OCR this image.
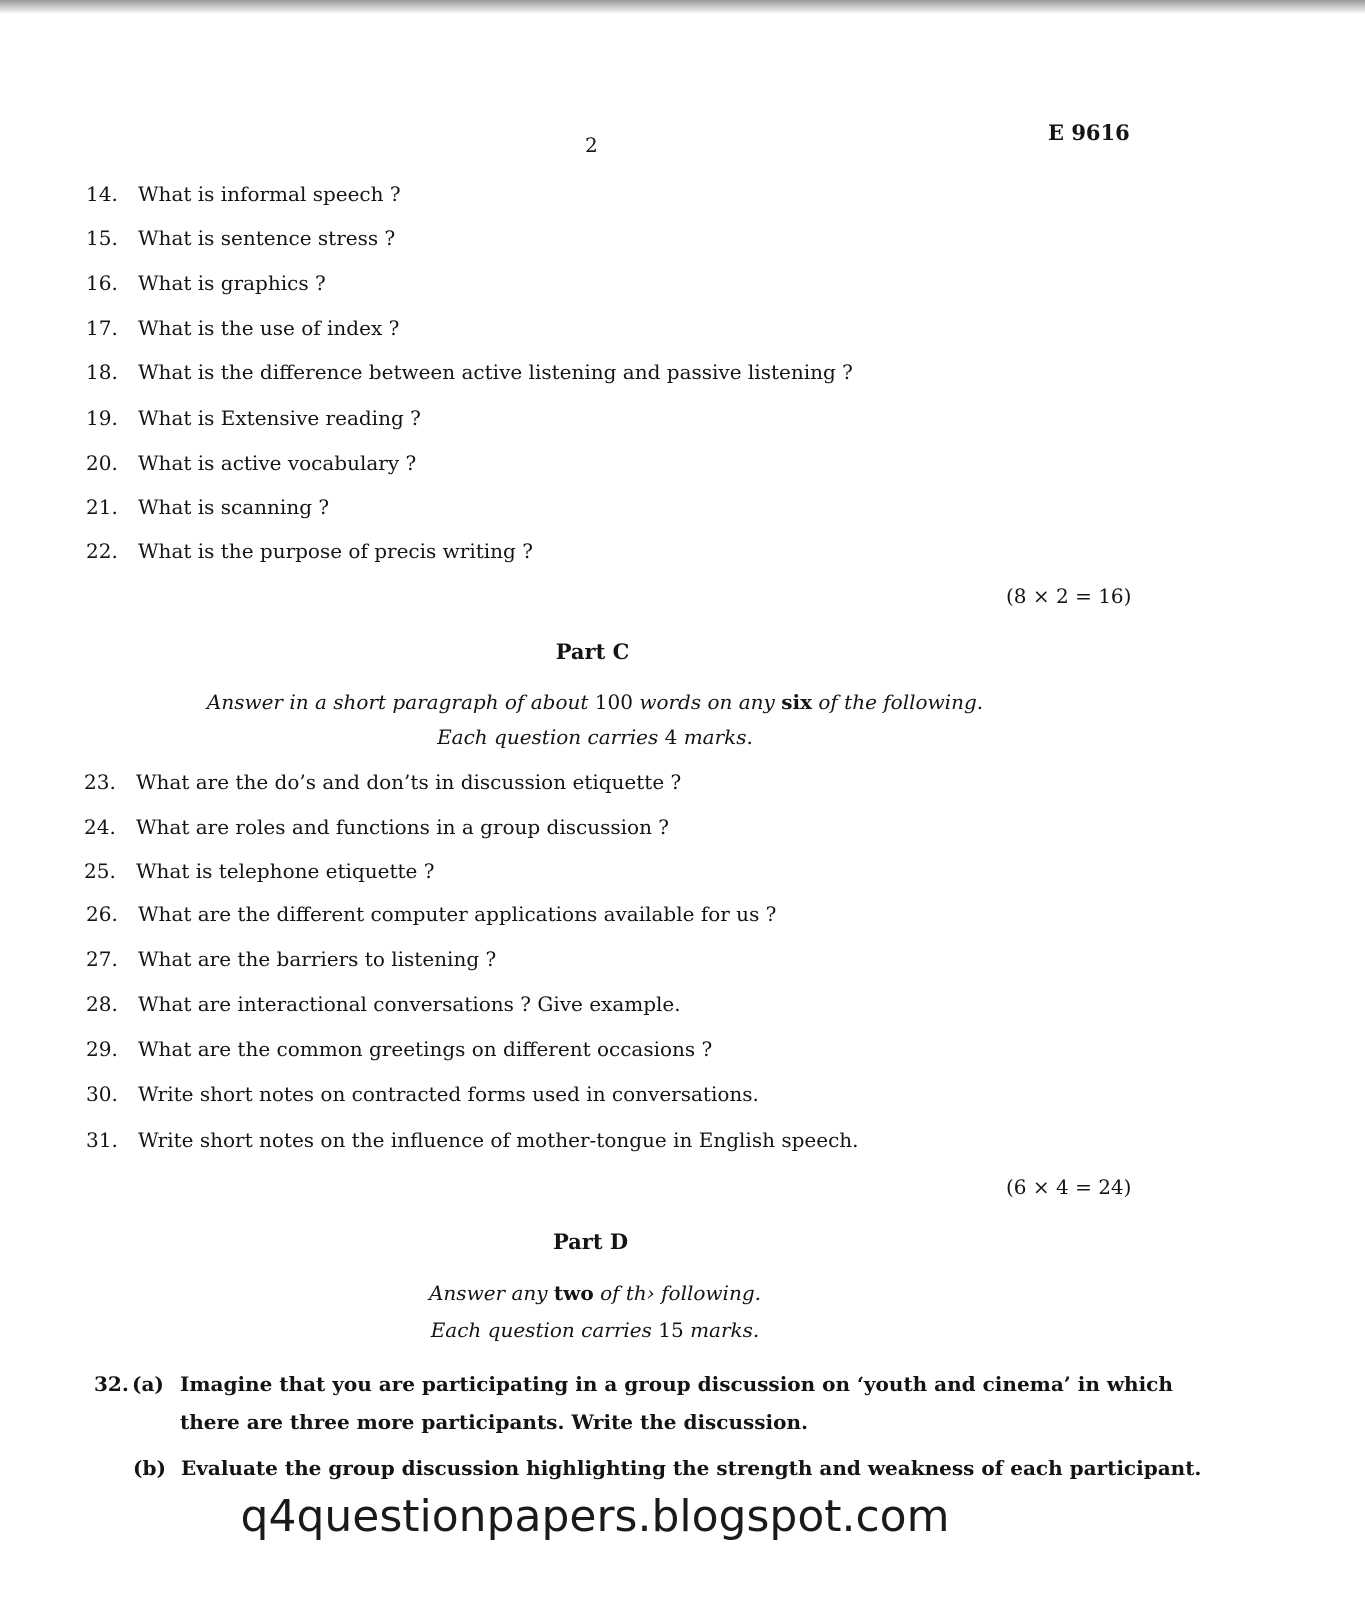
2	E 9616
14. What is informal speech ?
15. What is sentence stress ?
16. What is graphics ?
17. What is the use of index ?
18. What is the difference between active listening and passive listening ?
19. What is Extensive reading ?
20. What is active vocabulary ?
21. What is scanning ?
22. What is the purpose of precis writing ?
(8 × 2 = 16)
Part C
Answer in a short paragraph of about 100 words on any six of the following.
Each question carries 4 marks.
23. What are the do’s and don’ts in discussion etiquette ?
24. What are roles and functions in a group discussion ?
25. What is telephone etiquette ?
26. What are the different computer applications available for us ?
27. What are the barriers to listening ?
28. What are interactional conversations ? Give example.
29. What are the common greetings on different occasions ?
30. Write short notes on contracted forms used in conversations.
31. Write short notes on the influence of mother-tongue in English speech.
(6 × 4 = 24)
Part D
Answer any two of th› following.
Each question carries 15 marks.
32. (a) Imagine that you are participating in a group discussion on ‘youth and cinema’ in which
there are three more participants. Write the discussion.
(b) Evaluate the group discussion highlighting the strength and weakness of each participant.
q4questionpapers.blogspot.com
